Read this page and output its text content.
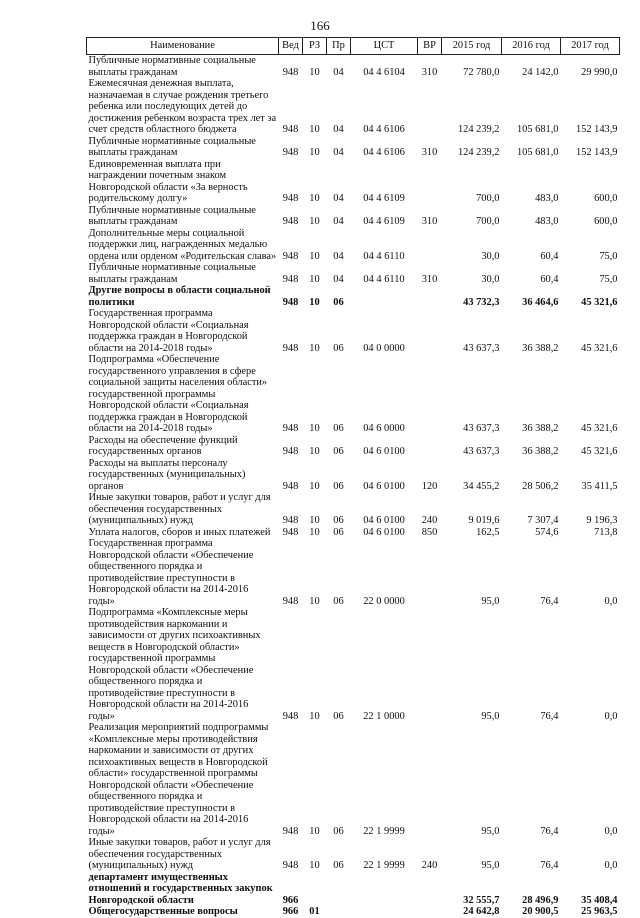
166
Наименование	Вед	РЗ	Пр	ЦСТ	ВР	2015 год	2016 год	2017 год
Публичные нормативные социальные выплаты гражданам	948	10	04	04 4 6104	310	72 780,0	24 142,0	29 990,0
Ежемесячная денежная выплата, назначаемая в случае рождения третьего ребенка или последующих детей до достижения ребенком возраста трех лет за счет средств областного бюджета	948	10	04	04 4 6106		124 239,2	105 681,0	152 143,9
Публичные нормативные социальные выплаты гражданам	948	10	04	04 4 6106	310	124 239,2	105 681,0	152 143,9
Единовременная выплата при награждении почетным знаком Новгородской области «За верность родительскому долгу»	948	10	04	04 4 6109		700,0	483,0	600,0
Публичные нормативные социальные выплаты гражданам	948	10	04	04 4 6109	310	700,0	483,0	600,0
Дополнительные меры социальной поддержки лиц, награжденных медалью ордена или орденом «Родительская слава»	948	10	04	04 4 6110		30,0	60,4	75,0
Публичные нормативные социальные выплаты гражданам	948	10	04	04 4 6110	310	30,0	60,4	75,0
Другие вопросы в области социальной политики	948	10	06			43 732,3	36 464,6	45 321,6
Государственная программа Новгородской области «Социальная поддержка граждан в Новгородской области на 2014-2018 годы»	948	10	06	04 0 0000		43 637,3	36 388,2	45 321,6
Подпрограмма «Обеспечение государственного управления в сфере социальной защиты населения области» государственной программы Новгородской области «Социальная поддержка граждан в Новгородской области на 2014-2018 годы»	948	10	06	04 6 0000		43 637,3	36 388,2	45 321,6
Расходы на обеспечение функций государственных органов	948	10	06	04 6 0100		43 637,3	36 388,2	45 321,6
Расходы на выплаты персоналу государственных (муниципальных) органов	948	10	06	04 6 0100	120	34 455,2	28 506,2	35 411,5
Иные закупки товаров, работ и услуг для обеспечения государственных (муниципальных) нужд	948	10	06	04 6 0100	240	9 019,6	7 307,4	9 196,3
Уплата налогов, сборов и иных платежей	948	10	06	04 6 0100	850	162,5	574,6	713,8
Государственная программа Новгородской области «Обеспечение общественного порядка и противодействие преступности в Новгородской области на 2014-2016 годы»	948	10	06	22 0 0000		95,0	76,4	0,0
Подпрограмма «Комплексные меры противодействия наркомании и зависимости от других психоактивных веществ в Новгородской области» государственной программы Новгородской области «Обеспечение общественного порядка и противодействие преступности в Новгородской области на 2014-2016 годы»	948	10	06	22 1 0000		95,0	76,4	0,0
Реализация мероприятий подпрограммы «Комплексные меры противодействия наркомании и зависимости от других психоактивных веществ в Новгородской области» государственной программы Новгородской области «Обеспечение общественного порядка и противодействие преступности в Новгородской области на 2014-2016 годы»	948	10	06	22 1 9999		95,0	76,4	0,0
Иные закупки товаров, работ и услуг для обеспечения государственных (муниципальных) нужд	948	10	06	22 1 9999	240	95,0	76,4	0,0
департамент имущественных отношений и государственных закупок Новгородской области	966					32 555,7	28 496,9	35 408,4
Общегосударственные вопросы	966	01				24 642,8	20 900,5	25 963,5
